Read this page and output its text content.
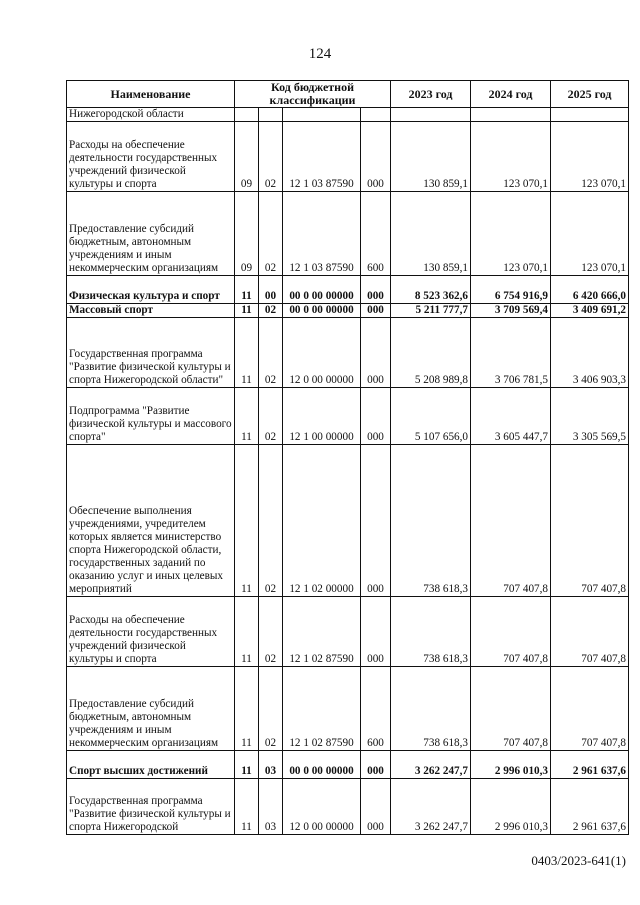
124
Наименование	Код бюджетной классификации				2023 год	2024 год	2025 год
Нижегородской области							
Расходы на обеспечение деятельности государственных учреждений физической культуры и спорта	09	02	12 1 03 87590	000	130 859,1	123 070,1	123 070,1
Предоставление субсидий бюджетным, автономным учреждениям и иным некоммерческим организациям	09	02	12 1 03 87590	600	130 859,1	123 070,1	123 070,1
Физическая культура и спорт	11	00	00 0 00 00000	000	8 523 362,6	6 754 916,9	6 420 666,0
Массовый спорт	11	02	00 0 00 00000	000	5 211 777,7	3 709 569,4	3 409 691,2
Государственная программа "Развитие физической культуры и спорта Нижегородской области"	11	02	12 0 00 00000	000	5 208 989,8	3 706 781,5	3 406 903,3
Подпрограмма "Развитие физической культуры и массового спорта"	11	02	12 1 00 00000	000	5 107 656,0	3 605 447,7	3 305 569,5
Обеспечение выполнения учреждениями, учредителем которых является министерство спорта Нижегородской области, государственных заданий по оказанию услуг и иных целевых мероприятий	11	02	12 1 02 00000	000	738 618,3	707 407,8	707 407,8
Расходы на обеспечение деятельности государственных учреждений физической культуры и спорта	11	02	12 1 02 87590	000	738 618,3	707 407,8	707 407,8
Предоставление субсидий бюджетным, автономным учреждениям и иным некоммерческим организациям	11	02	12 1 02 87590	600	738 618,3	707 407,8	707 407,8
Спорт высших достижений	11	03	00 0 00 00000	000	3 262 247,7	2 996 010,3	2 961 637,6
Государственная программа "Развитие физической культуры и спорта Нижегородской	11	03	12 0 00 00000	000	3 262 247,7	2 996 010,3	2 961 637,6
0403/2023-641(1)
